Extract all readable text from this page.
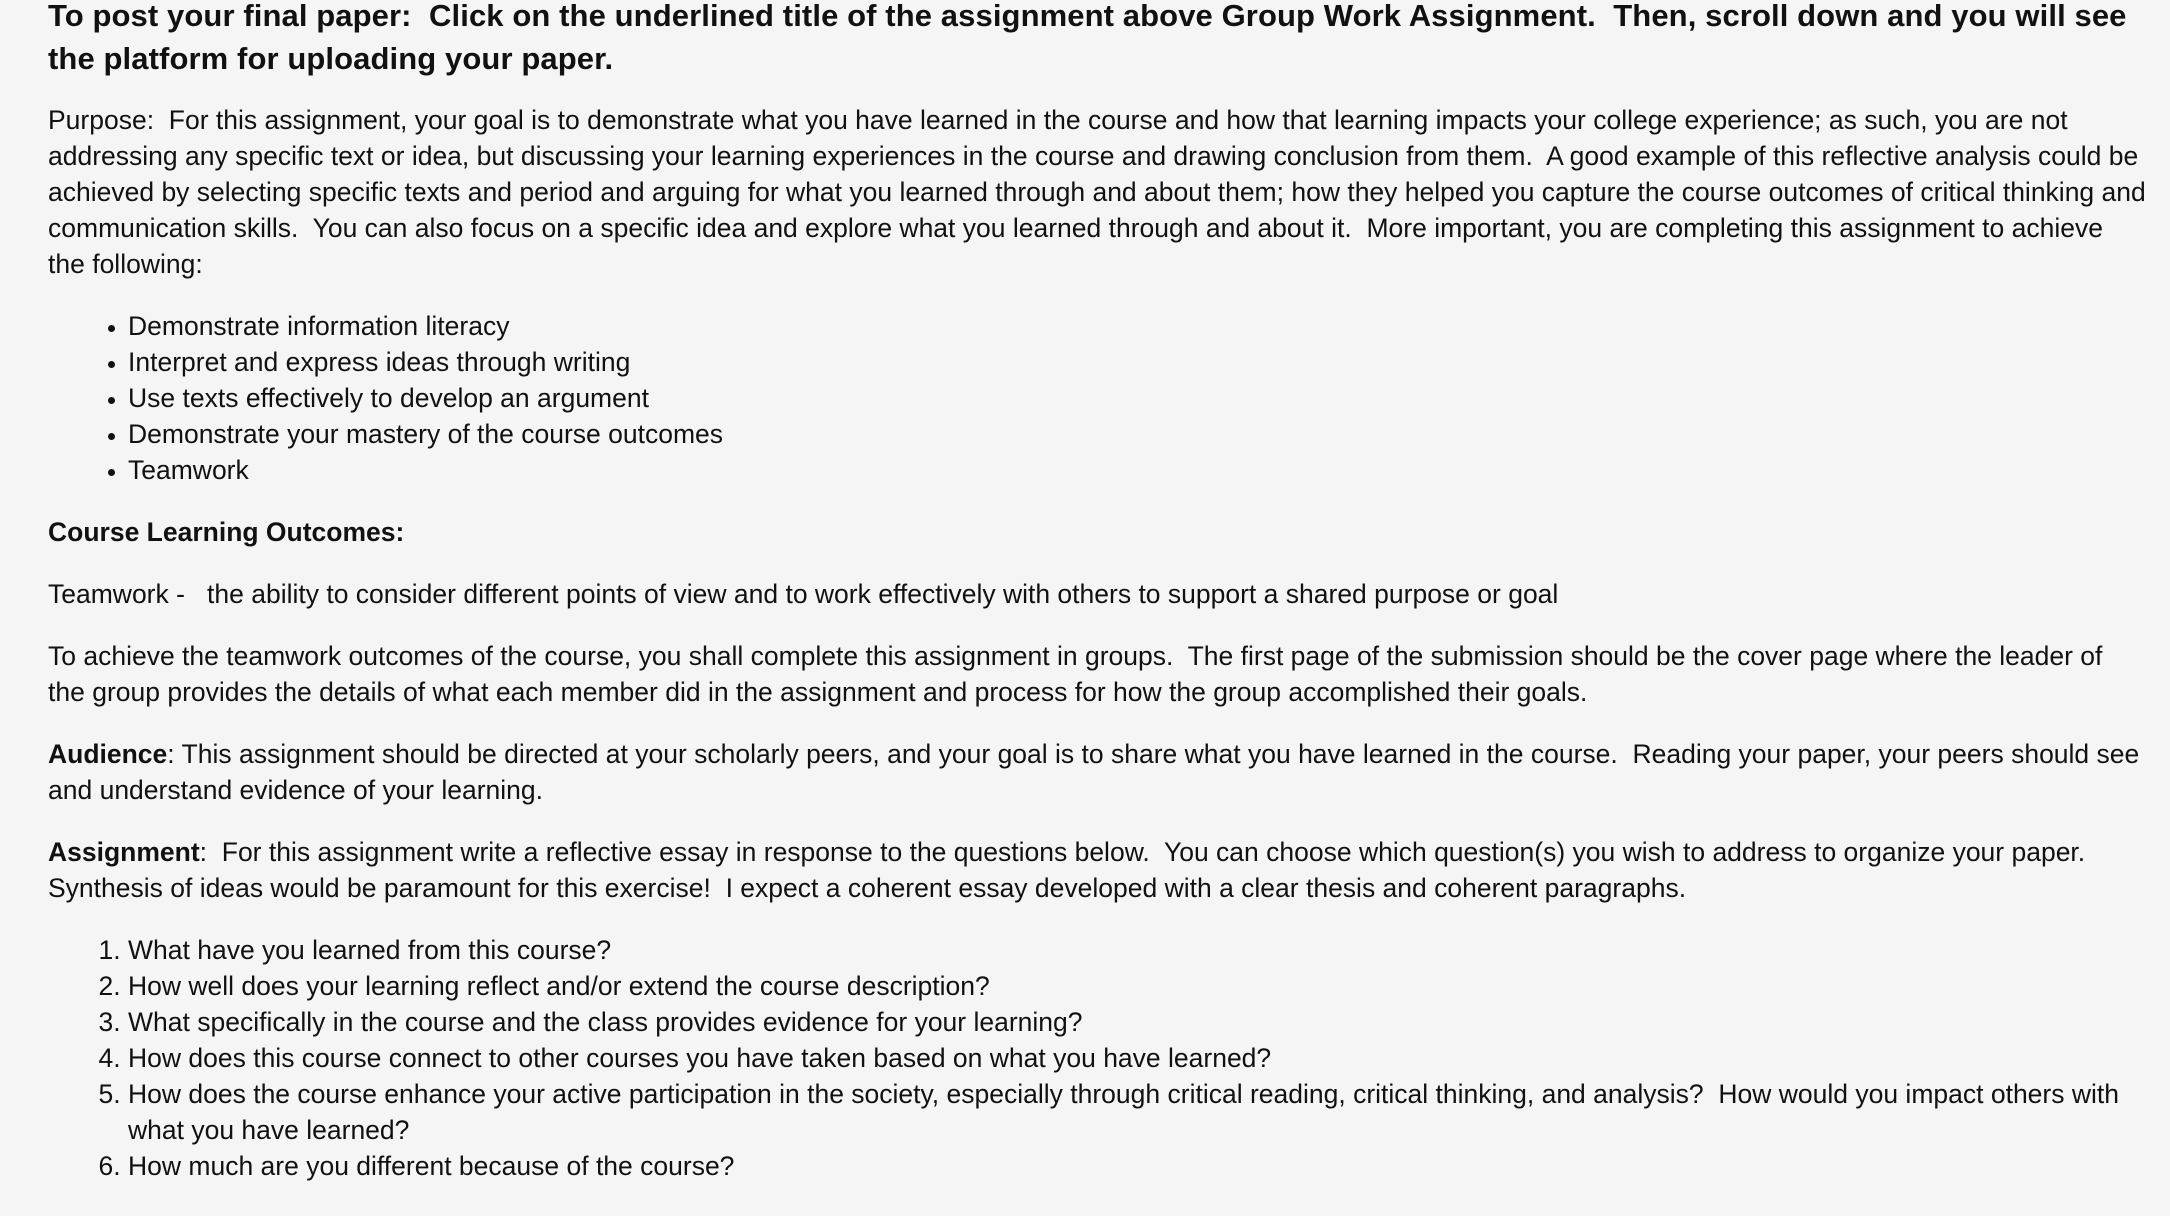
To post your final paper:  Click on the underlined title of the assignment above Group Work Assignment.  Then, scroll down and you will see the platform for uploading your paper.

Purpose:  For this assignment, your goal is to demonstrate what you have learned in the course and how that learning impacts your college experience; as such, you are not addressing any specific text or idea, but discussing your learning experiences in the course and drawing conclusion from them.  A good example of this reflective analysis could be achieved by selecting specific texts and period and arguing for what you learned through and about them; how they helped you capture the course outcomes of critical thinking and communication skills.  You can also focus on a specific idea and explore what you learned through and about it.  More important, you are completing this assignment to achieve the following:

• Demonstrate information literacy
• Interpret and express ideas through writing
• Use texts effectively to develop an argument
• Demonstrate your mastery of the course outcomes
• Teamwork

Course Learning Outcomes:

Teamwork -   the ability to consider different points of view and to work effectively with others to support a shared purpose or goal

To achieve the teamwork outcomes of the course, you shall complete this assignment in groups.  The first page of the submission should be the cover page where the leader of the group provides the details of what each member did in the assignment and process for how the group accomplished their goals.

Audience: This assignment should be directed at your scholarly peers, and your goal is to share what you have learned in the course.  Reading your paper, your peers should see and understand evidence of your learning.

Assignment:  For this assignment write a reflective essay in response to the questions below.  You can choose which question(s) you wish to address to organize your paper.  Synthesis of ideas would be paramount for this exercise!  I expect a coherent essay developed with a clear thesis and coherent paragraphs.

1. What have you learned from this course?
2. How well does your learning reflect and/or extend the course description?
3. What specifically in the course and the class provides evidence for your learning?
4. How does this course connect to other courses you have taken based on what you have learned?
5. How does the course enhance your active participation in the society, especially through critical reading, critical thinking, and analysis?  How would you impact others with what you have learned?
6. How much are you different because of the course?
